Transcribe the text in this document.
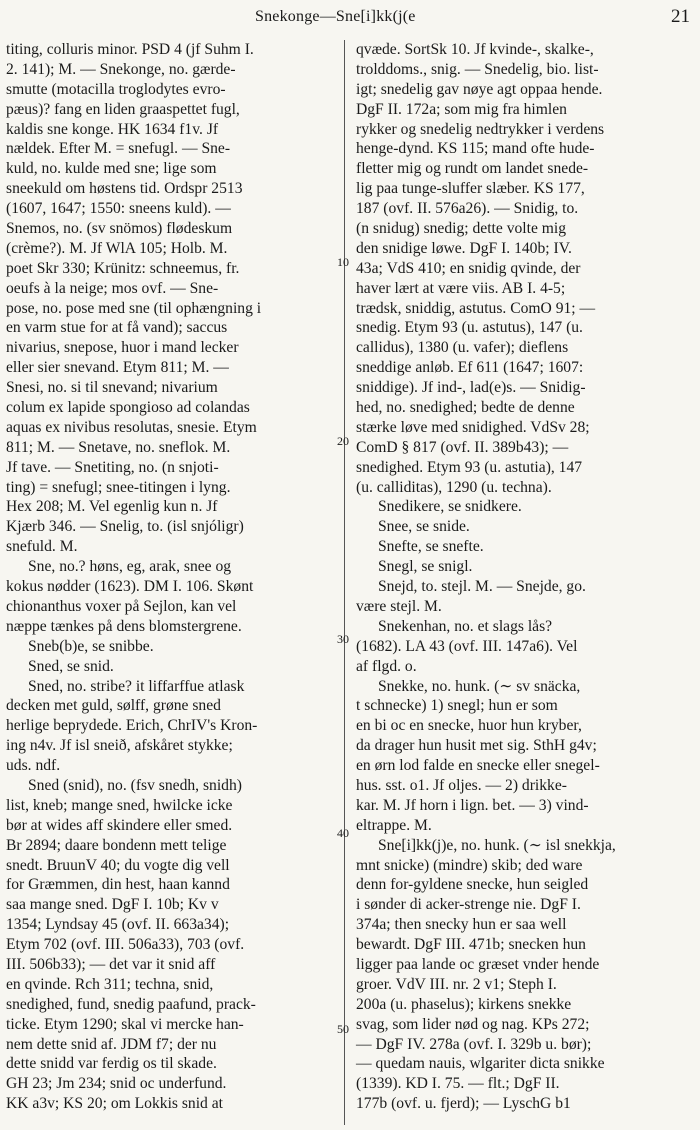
Snekonge—Sne[i]kk(j(e	21
titing, colluris minor. PSD 4 (jf Suhm I.
2. 141); M. — Snekonge, no. gærde-
smutte (motacilla troglodytes evro-
pæus)? fang en liden graaspettet fugl,
kaldis sne konge. HK 1634 f1v. Jf
nældek. Efter M. = snefugl. — Sne-
kuld, no. kulde med sne; lige som
sneekuld om høstens tid. Ordspr 2513
(1607, 1647; 1550: sneens kuld). —
Snemos, no. (sv snömos) flødeskum
(crème?). M. Jf WlA 105; Holb. M.
poet Skr 330; Krünitz: schneemus, fr.
oeufs à la neige; mos ovf. — Sne-
pose, no. pose med sne (til ophængning i
en varm stue for at få vand); saccus
nivarius, snepose, huor i mand lecker
eller sier snevand. Etym 811; M. —
Snesi, no. si til snevand; nivarium
colum ex lapide spongioso ad colandas
aquas ex nivibus resolutas, snesie. Etym
811; M. — Snetave, no. sneflok. M.
Jf tave. — Snetiting, no. (n snjoti-
ting) = snefugl; snee-titingen i lyng.
Hex 208; M. Vel egenlig kun n. Jf
Kjærb 346. — Snelig, to. (isl snjóligr)
snefuld. M.
Sne, no.? høns, eg, arak, snee og
kokus nødder (1623). DM I. 106. Skønt
chionanthus voxer på Sejlon, kan vel
næppe tænkes på dens blomstergrene.
Sneb(b)e, se snibbe.
Sned, se snid.
Sned, no. stribe? it liffarffue atlask
decken met guld, sølff, grøne sned
herlige beprydede. Erich, ChrIV's Kron-
ing n4v. Jf isl sneið, afskåret stykke;
uds. ndf.
Sned (snid), no. (fsv snedh, snidh)
list, kneb; mange sned, hwilcke icke
bør at wides aff skindere eller smed.
Br 2894; daare bondenn mett telige
snedt. BruunV 40; du vogte dig vell
for Græmmen, din hest, haan kannd
saa mange sned. DgF I. 10b; Kv v
1354; Lyndsay 45 (ovf. II. 663a34);
Etym 702 (ovf. III. 506a33), 703 (ovf.
III. 506b33); — det var it snid aff
en qvinde. Rch 311; techna, snid,
snedighed, fund, snedig paafund, prack-
ticke. Etym 1290; skal vi mercke han-
nem dette snid af. JDM f7; der nu
dette snidd var ferdig os til skade.
GH 23; Jm 234; snid oc underfund.
KK a3v; KS 20; om Lokkis snid at
qvæde. SortSk 10. Jf kvinde-, skalke-,
trolddoms., snig. — Snedelig, bio. list-
igt; snedelig gav nøye agt oppaa hende.
DgF II. 172a; som mig fra himlen
rykker og snedelig nedtrykker i verdens
henge-dynd. KS 115; mand ofte hude-
fletter mig og rundt om landet snede-
lig paa tunge-sluffer slæber. KS 177,
187 (ovf. II. 576a26). — Snidig, to.
(n snidug) snedig; dette volte mig
den snidige løwe. DgF I. 140b; IV.
43a; VdS 410; en snidig qvinde, der
haver lært at være viis. AB I. 4-5;
trædsk, sniddig, astutus. ComO 91; —
snedig. Etym 93 (u. astutus), 147 (u.
callidus), 1380 (u. vafer); dieflens
sneddige anløb. Ef 611 (1647; 1607:
sniddige). Jf ind-, lad(e)s. — Snidig-
hed, no. snedighed; bedte de denne
stærke løve med snidighed. VdSv 28;
ComD § 817 (ovf. II. 389b43); —
snedighed. Etym 93 (u. astutia), 147
(u. calliditas), 1290 (u. techna).
Snedikere, se snidkere.
Snee, se snide.
Snefte, se snefte.
Snegl, se snigl.
Snejd, to. stejl. M. — Snejde, go.
være stejl. M.
Snekenhan, no. et slags lås?
(1682). LA 43 (ovf. III. 147a6). Vel
af flgd. o.
Snekke, no. hunk. (∼ sv snäcka,
t schnecke) 1) snegl; hun er som
en bi oc en snecke, huor hun kryber,
da drager hun husit met sig. SthH g4v;
en ørn lod falde en snecke eller snegel-
hus. sst. o1. Jf oljes. — 2) drikke-
kar. M. Jf horn i lign. bet. — 3) vind-
eltrappe. M.
Sne[i]kk(j)e, no. hunk. (∼ isl snekkja,
mnt snicke) (mindre) skib; ded ware
denn for-gyldene snecke, hun seigled
i sønder di acker-strenge nie. DgF I.
374a; then snecky hun er saa well
bewardt. DgF III. 471b; snecken hun
ligger paa lande oc græset vnder hende
groer. VdV III. nr. 2 v1; Steph I.
200a (u. phaselus); kirkens snekke
svag, som lider nød og nag. KPs 272;
— DgF IV. 278a (ovf. I. 329b u. bør);
— quedam nauis, wlgariter dicta snikke
(1339). KD I. 75. — flt.; DgF II.
177b (ovf. u. fjerd); — LyschG b1
10
20
30
40
50
